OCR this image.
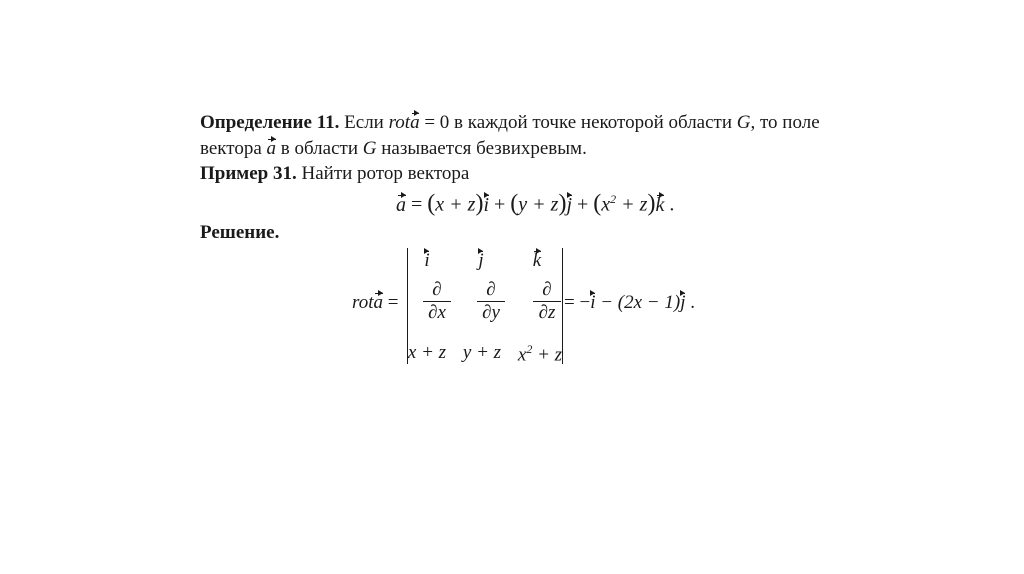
Определение 11. Если rota = 0 в каждой точке некоторой области G, то поле
вектора a в области G называется безвихревым.
Пример 31. Найти ротор вектора
$a = (x + z)i + (y + z)j + (x^2 + z)k$ .
Решение.
rota =
i	j	k
∂
∂x
∂
∂y
∂
∂z
x + z y + z $x^2 + z$
= −i − (2x − 1)j .
